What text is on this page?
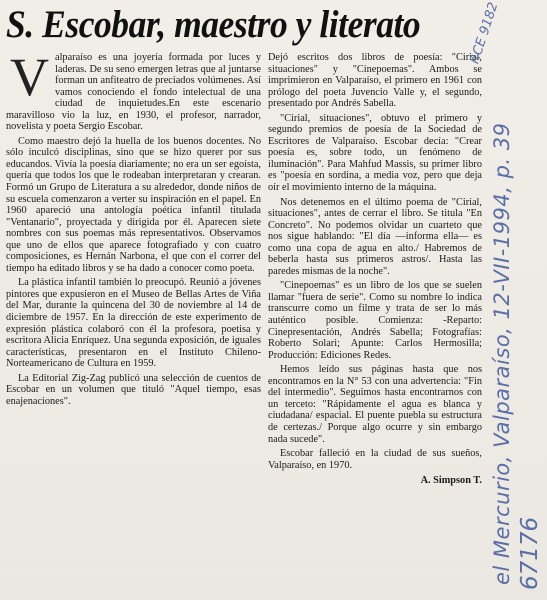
S. Escobar, maestro y literato

Valparaíso es una joyería formada por luces y laderas. De su seno emergen letras que al juntarse forman un anfiteatro de preciados volúmenes. Así vamos conociendo el fondo intelectual de una ciudad de inquietudes.En este escenario maravilloso vio la luz, en 1930, el profesor, narrador, novelista y poeta Sergio Escobar.

Como maestro dejó la huella de los buenos docentes. No sólo inculcó disciplinas, sino que se hizo querer por sus educandos. Vivía la poesía diariamente; no era un ser egoísta, quería que todos los que le rodeaban interpretaran y crearan. Formó un Grupo de Literatura a su alrededor, donde niños de su escuela comenzaron a verter su inspiración en el papel. En 1960 apareció una antología poética infantil titulada "Ventanario", proyectada y dirigida por él. Aparecen siete nombres con sus poemas más representativos. Observamos que uno de ellos que aparece fotografiado y con cuatro composiciones, es Hernán Narbona, el que con el correr del tiempo ha editado libros y se ha dado a conocer como poeta.

La plástica infantil también lo preocupó. Reunió a jóvenes pintores que expusieron en el Museo de Bellas Artes de Viña del Mar, durante la quincena del 30 de noviembre al 14 de diciembre de 1957. En la dirección de este experimento de expresión plástica colaboró con él la profesora, poetisa y escritora Alicia Enríquez. Una segunda exposición, de iguales características, presentaron en el Instituto Chileno-Norteamericano de Cultura en 1959.

La Editorial Zig-Zag publicó una selección de cuentos de Escobar en un volumen que tituló "Aquel tiempo, esas enajenaciones".

Dejó escritos dos libros de poesía: "Cirial, situaciones" y "Cinepoemas". Ambos se imprimieron en Valparaíso, el primero en 1961 con prólogo del poeta Juvencio Valle y, el segundo, presentado por Andrés Sabella.

"Cirial, situaciones", obtuvo el primero y segundo premios de poesía de la Sociedad de Escritores de Valparaíso. Escobar decía: "Crear poesía es, sobre todo, un fenómeno de iluminación". Para Mahfud Massis, su primer libro es "poesía en sordina, a media voz, pero que deja oír el movimiento interno de la máquina.

Nos detenemos en el último poema de "Cirial, situaciones", antes de cerrar el libro. Se titula "En Concreto". No podemos olvidar un cuarteto que nos sigue hablando: "El día —informa ella— es como una copa de agua en alto./ Habremos de beberla hasta sus primeros astros/. Hasta las paredes mismas de la noche".

"Cinepoemas" es un libro de los que se suelen llamar "fuera de serie". Como su nombre lo indica transcurre como un filme y trata de ser lo más auténtico posible. Comienza: -Reparto: Cinepresentación, Andrés Sabella; Fotografías: Roberto Solari; Apunte: Carlos Hermosilla; Producción: Ediciones Redes.

Hemos leído sus páginas hasta que nos encontramos en la N° 53 con una advertencia: "Fin del intermedio". Seguimos hasta encontrarnos con un terceto: "Rápidamente el agua es blanca y ciudadana/ espacial. El puente puebla su estructura de certezas./ Porque algo ocurre y sin embargo nada sucede".

Escobar falleció en la ciudad de sus sueños, Valparaíso, en 1970.

A. Simpson T.
RCE 9182
el Mercurio, Valparaíso, 12-VII-1994, p. 39 67176
